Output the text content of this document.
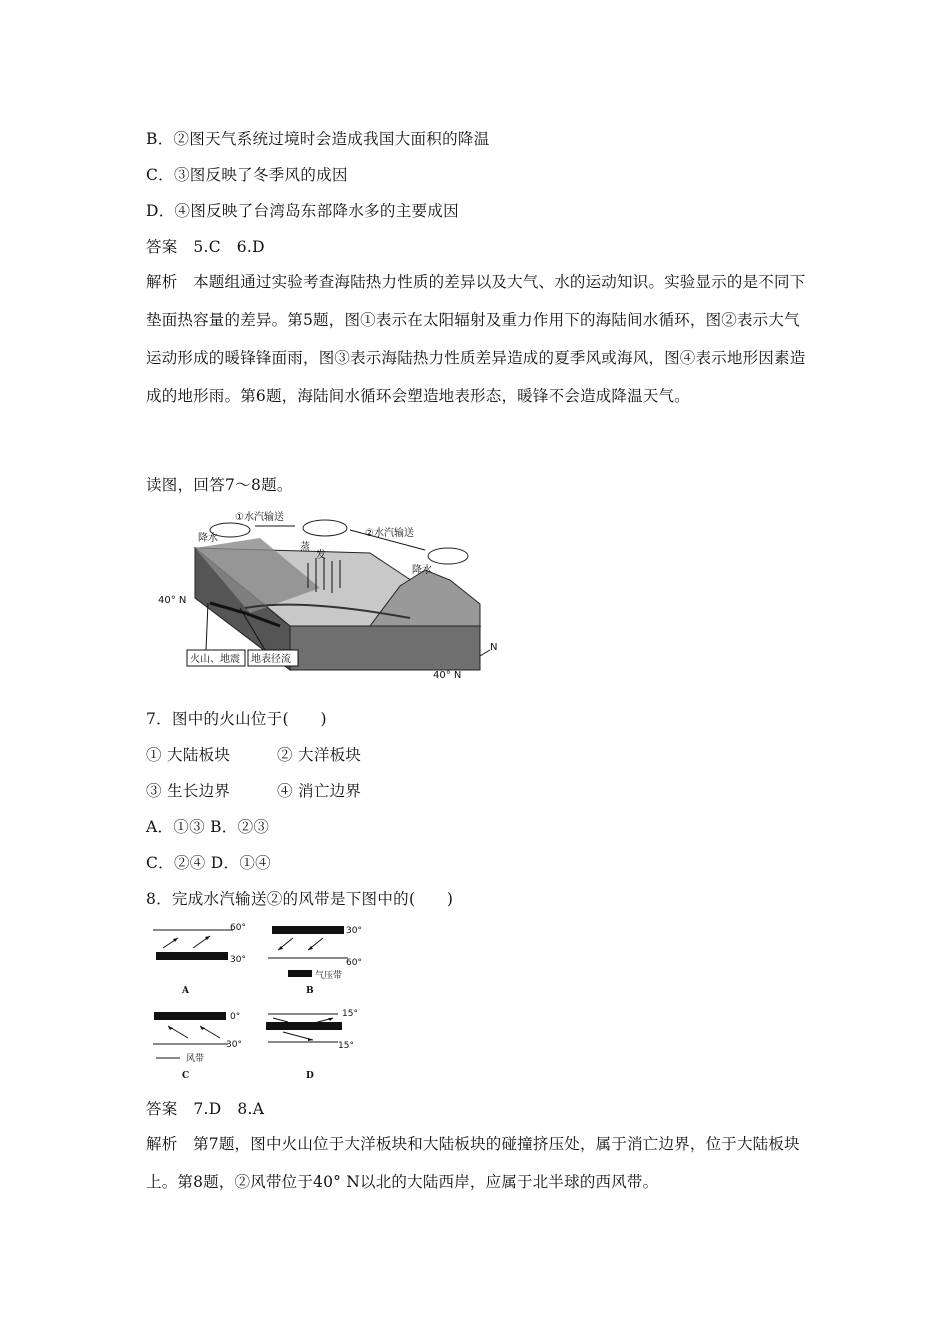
B．②图天气系统过境时会造成我国大面积的降温
C．③图反映了冬季风的成因
D．④图反映了台湾岛东部降水多的主要成因
答案　5.C　6.D
解析　本题组通过实验考查海陆热力性质的差异以及大气、水的运动知识。实验显示的是不同下垫面热容量的差异。第5题，图①表示在太阳辐射及重力作用下的海陆间水循环，图②表示大气运动形成的暖锋锋面雨，图③表示海陆热力性质差异造成的夏季风或海风，图④表示地形因素造成的地形雨。第6题，海陆间水循环会塑造地表形态，暖锋不会造成降温天气。
读图，回答7～8题。
①水汽输送
②水汽输送
降水
降水
蒸
发
40° N
40° N
N
火山、地震 地表径流
7．图中的火山位于(　　)
① 大陆板块	② 大洋板块
③ 生长边界	④ 消亡边界
A．①③ B．②③
C．②④ D．①④
8．完成水汽输送②的风带是下图中的(　　)
60°
30°
A
30°
60°
气压带
B
0°
30°
风带
C
15°
15°
D
答案　7.D　8.A
解析　第7题，图中火山位于大洋板块和大陆板块的碰撞挤压处，属于消亡边界，位于大陆板块上。第8题，②风带位于40° N以北的大陆西岸，应属于北半球的西风带。
